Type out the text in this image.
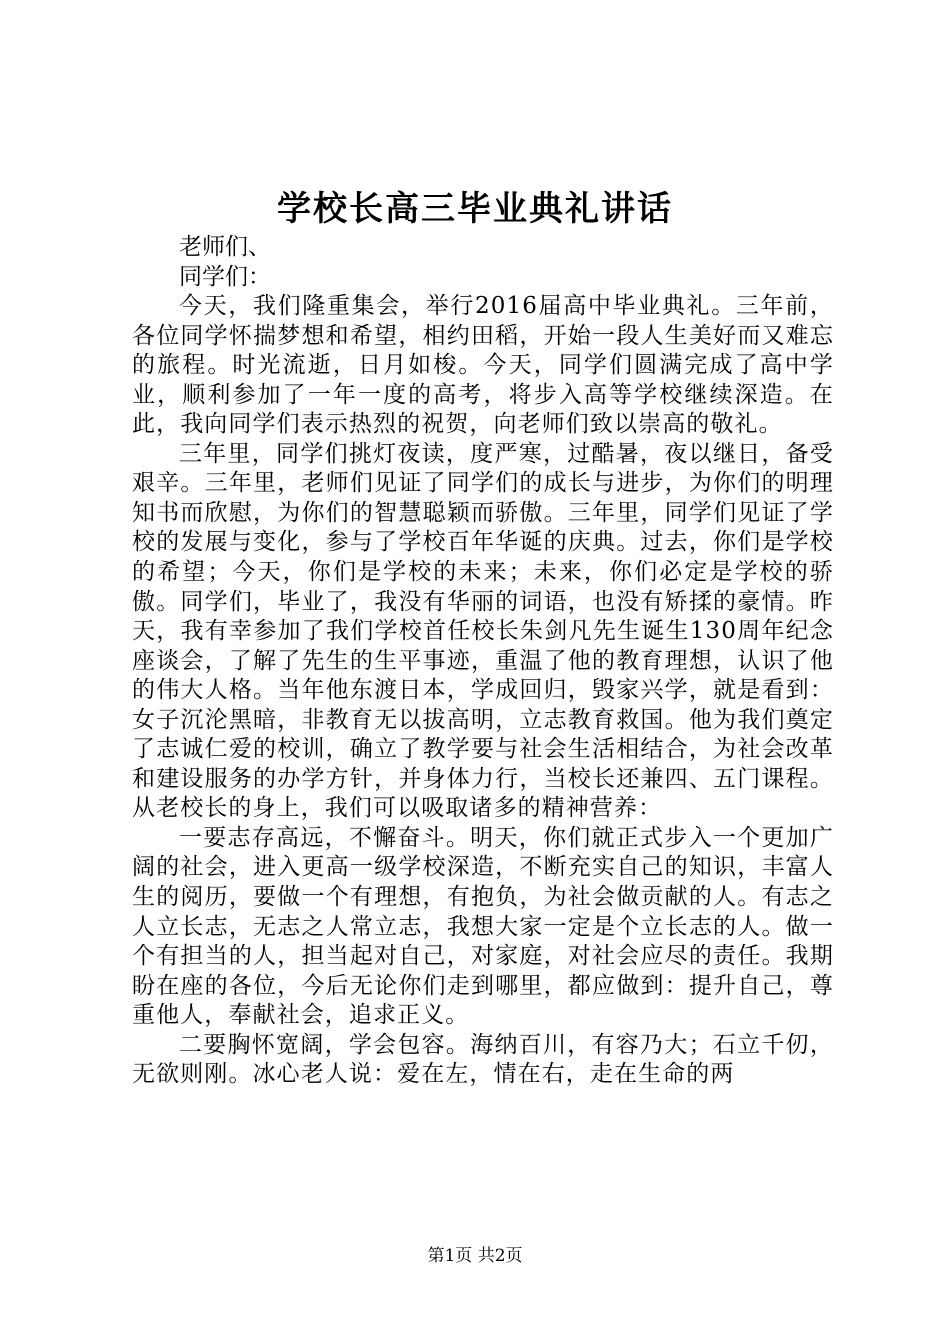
学校长高三毕业典礼讲话

老师们、

同学们：

今天，我们隆重集会，举行2016届高中毕业典礼。三年前，各位同学怀揣梦想和希望，相约田稻，开始一段人生美好而又难忘的旅程。时光流逝，日月如梭。今天，同学们圆满完成了高中学业，顺利参加了一年一度的高考，将步入高等学校继续深造。在此，我向同学们表示热烈的祝贺，向老师们致以崇高的敬礼。

三年里，同学们挑灯夜读，度严寒，过酷暑，夜以继日，备受艰辛。三年里，老师们见证了同学们的成长与进步，为你们的明理知书而欣慰，为你们的智慧聪颖而骄傲。三年里，同学们见证了学校的发展与变化，参与了学校百年华诞的庆典。过去，你们是学校的希望；今天，你们是学校的未来；未来，你们必定是学校的骄傲。同学们，毕业了，我没有华丽的词语，也没有矫揉的豪情。昨天，我有幸参加了我们学校首任校长朱剑凡先生诞生130周年纪念座谈会，了解了先生的生平事迹，重温了他的教育理想，认识了他的伟大人格。当年他东渡日本，学成回归，毁家兴学，就是看到：女子沉沦黑暗，非教育无以拔高明，立志教育救国。他为我们奠定了志诚仁爱的校训，确立了教学要与社会生活相结合，为社会改革和建设服务的办学方针，并身体力行，当校长还兼四、五门课程。从老校长的身上，我们可以吸取诸多的精神营养：

一要志存高远，不懈奋斗。明天，你们就正式步入一个更加广阔的社会，进入更高一级学校深造，不断充实自己的知识，丰富人生的阅历，要做一个有理想，有抱负，为社会做贡献的人。有志之人立长志，无志之人常立志，我想大家一定是个立长志的人。做一个有担当的人，担当起对自己，对家庭，对社会应尽的责任。我期盼在座的各位，今后无论你们走到哪里，都应做到：提升自己，尊重他人，奉献社会，追求正义。

二要胸怀宽阔，学会包容。海纳百川，有容乃大；石立千仞，无欲则刚。冰心老人说：爱在左，情在右，走在生命的两

第1页 共2页
